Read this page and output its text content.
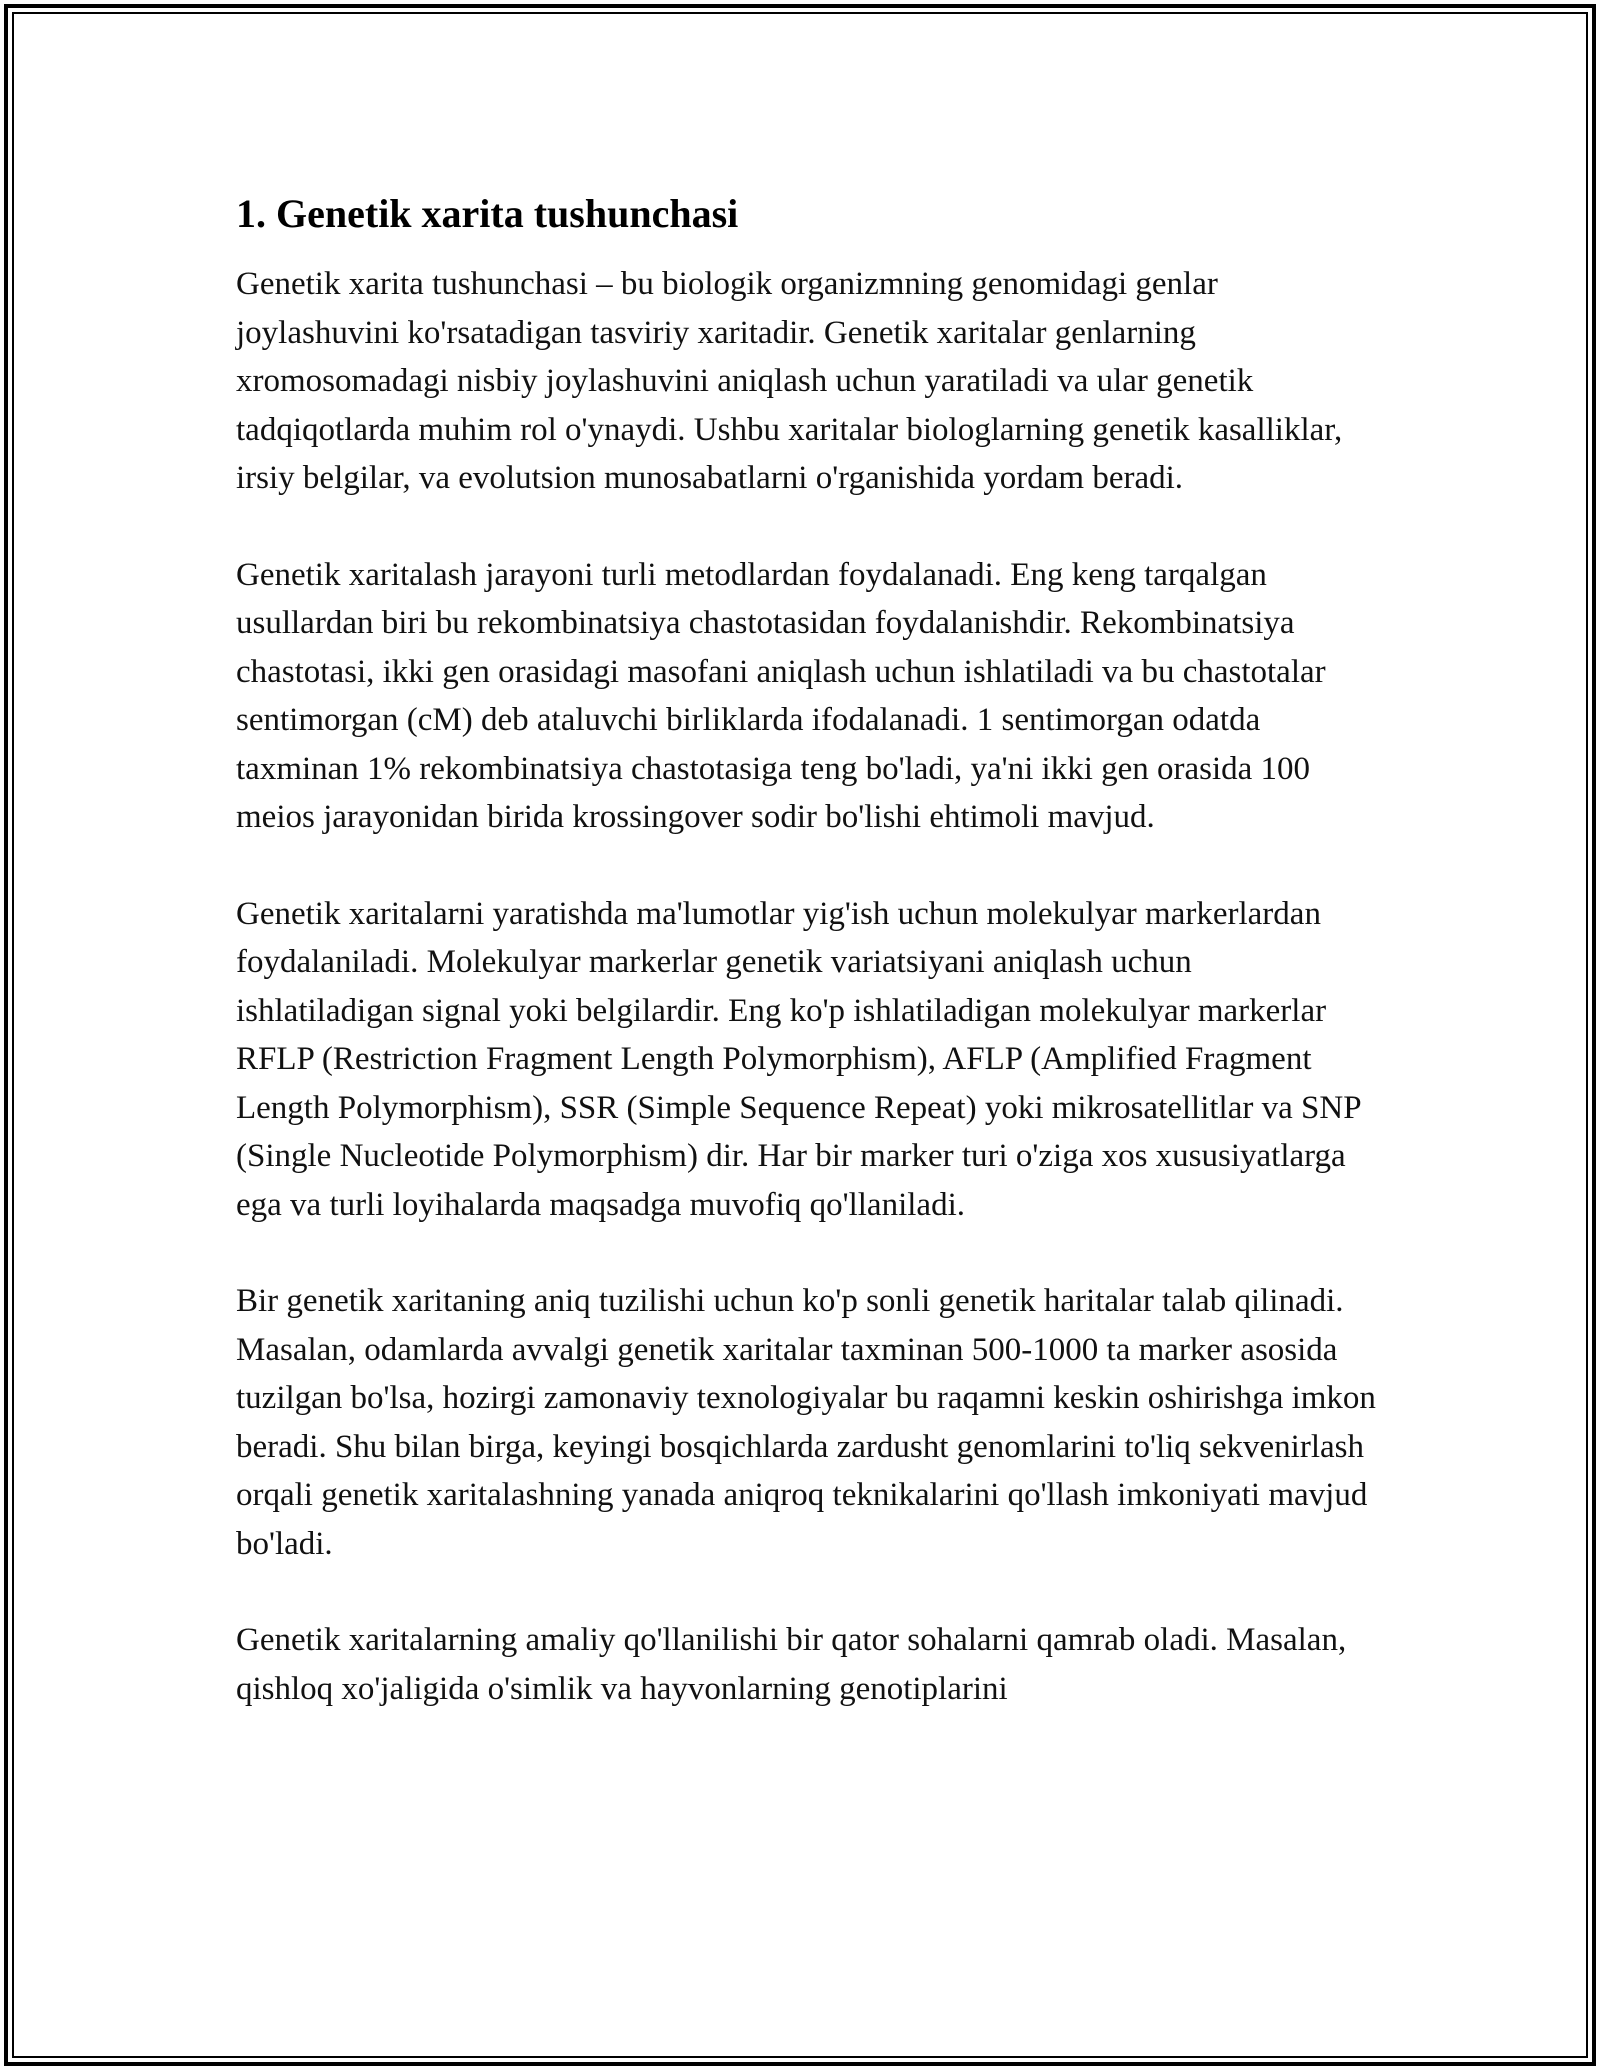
1. Genetik xarita tushunchasi

Genetik xarita tushunchasi – bu biologik organizmning genomidagi genlar joylashuvini ko'rsatadigan tasviriy xaritadir. Genetik xaritalar genlarning xromosomadagi nisbiy joylashuvini aniqlash uchun yaratiladi va ular genetik tadqiqotlarda muhim rol o'ynaydi. Ushbu xaritalar biologlarning genetik kasalliklar, irsiy belgilar, va evolutsion munosabatlarni o'rganishida yordam beradi.

Genetik xaritalash jarayoni turli metodlardan foydalanadi. Eng keng tarqalgan usullardan biri bu rekombinatsiya chastotasidan foydalanishdir. Rekombinatsiya chastotasi, ikki gen orasidagi masofani aniqlash uchun ishlatiladi va bu chastotalar sentimorgan (cM) deb ataluvchi birliklarda ifodalanadi. 1 sentimorgan odatda taxminan 1% rekombinatsiya chastotasiga teng bo'ladi, ya'ni ikki gen orasida 100 meios jarayonidan birida krossingover sodir bo'lishi ehtimoli mavjud.

Genetik xaritalarni yaratishda ma'lumotlar yig'ish uchun molekulyar markerlardan foydalaniladi. Molekulyar markerlar genetik variatsiyani aniqlash uchun ishlatiladigan signal yoki belgilardir. Eng ko'p ishlatiladigan molekulyar markerlar RFLP (Restriction Fragment Length Polymorphism), AFLP (Amplified Fragment Length Polymorphism), SSR (Simple Sequence Repeat) yoki mikrosatellitlar va SNP (Single Nucleotide Polymorphism) dir. Har bir marker turi o'ziga xos xususiyatlarga ega va turli loyihalarda maqsadga muvofiq qo'llaniladi.

Bir genetik xaritaning aniq tuzilishi uchun ko'p sonli genetik haritalar talab qilinadi. Masalan, odamlarda avvalgi genetik xaritalar taxminan 500-1000 ta marker asosida tuzilgan bo'lsa, hozirgi zamonaviy texnologiyalar bu raqamni keskin oshirishga imkon beradi. Shu bilan birga, keyingi bosqichlarda zardusht genomlarini to'liq sekvenirlash orqali genetik xaritalashning yanada aniqroq teknikalarini qo'llash imkoniyati mavjud bo'ladi.

Genetik xaritalarning amaliy qo'llanilishi bir qator sohalarni qamrab oladi. Masalan, qishloq xo'jaligida o'simlik va hayvonlarning genotiplarini
